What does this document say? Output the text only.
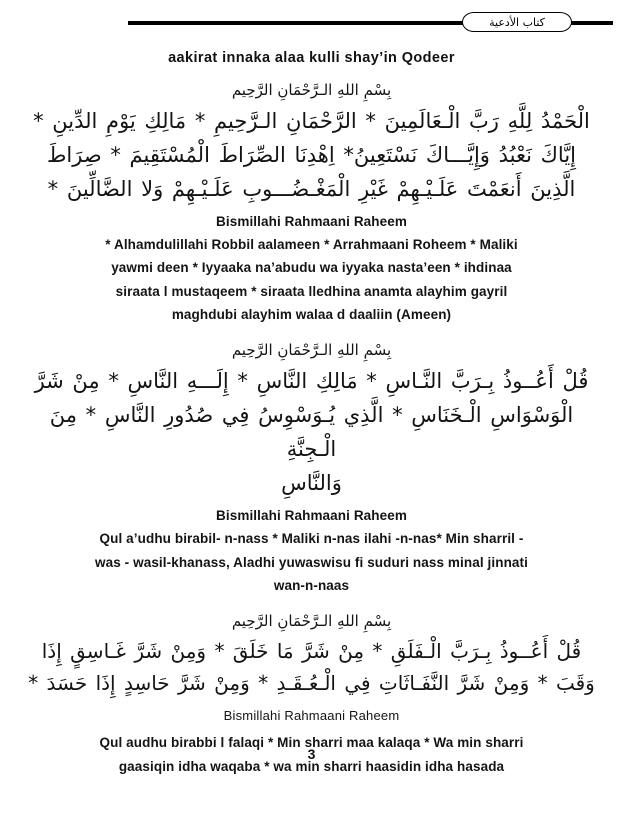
كتاب الأدعية
aakirat innaka alaa kulli shay’in Qodeer
بِسْمِ اللهِ الـرَّحْمَانِ الرَّحِيم
الْحَمْدُ لِلَّهِ رَبَّ الْـعَالَمِينَ * الرَّحْمَانِ الـرَّحِيمِ * مَالِكِ يَوْمِ الدِّينِ *
إِيَّاكَ نَعْبُدُ وَإِيَّـــاكَ نَسْتَعِينُ* اِهْدِنَا الصِّرَاطَ الْمُسْتَقِيمَ * صِرَاطَ
الَّذِينَ أَنعَمْتَ عَلَـيْـهِمْ غَيْرِ الْمَغْـضُـــوبِ عَلَـيْـهِمْ وَلا الضَّالِّينَ *
Bismillahi Rahmaani Raheem
* Alhamdulillahi Robbil aalameen * Arrahmaani Roheem * Maliki
yawmi deen * Iyyaaka na’abudu wa iyyaka nasta’een * ihdinaa
siraata l mustaqeem * siraata lledhina anamta alayhim gayril
maghdubi alayhim walaa d daaliin (Ameen)
بِسْمِ اللهِ الـرَّحْمَانِ الرَّحِيم
قُلْ أَعُــوذُ بِـرَبَّ النَّـاسِ * مَالِكِ النَّاسِ * إِلَـــهِ النَّاسِ * مِنْ شَرَّ
الْوَسْوَاسِ الْـخَنَاسِ * الَّذِي يُـوَسْوِسُ فِي صُدُورِ النَّاسِ * مِنَ الْـجِنَّةِ
وَالنَّاسِ
Bismillahi Rahmaani Raheem
Qul a’udhu birabil- n-nass * Maliki n-nas ilahi -n-nas* Min sharril -
was - wasil-khanass, Aladhi yuwaswisu fi suduri nass minal jinnati
wan-n-naas
بِسْمِ اللهِ الـرَّحْمَانِ الرَّحِيم
قُلْ أَعُــوذُ بِـرَبَّ الْـفَلَقِ * مِنْ شَرَّ مَا خَلَقَ * وَمِنْ شَرَّ غَـاسِقٍ إِذَا
وَقَبَ * وَمِنْ شَرَّ النَّفَـاثَاتِ فِي الْـعُـقَـدِ * وَمِنْ شَرَّ حَاسِدٍ إِذَا حَسَدَ *
Bismillahi Rahmaani Raheem
Qul audhu birabbi l falaqi * Min sharri maa kalaqa * Wa min sharri
gaasiqin idha waqaba * wa min sharri haasidin idha hasada
3
